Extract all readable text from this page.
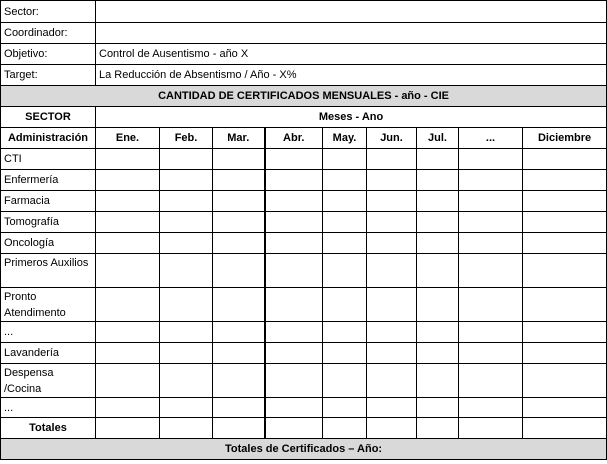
Sector:									
Coordinador:									
Objetivo:	Control de Ausentismo - año X								
Target:	La Reducción de Absentismo / Año - X%								
CANTIDAD DE CERTIFICADOS MENSUALES - año - CIE									
SECTOR	Meses - Ano								
Administración	Ene.	Feb.	Mar.	Abr.	May.	Jun.	Jul.	...	Diciembre
CTI									
Enfermería									
Farmacia									
Tomografía									
Oncología									
Primeros Auxilios									
Pronto Atendimento									
...									
Lavandería									
Despensa /Cocina									
...									
Totales									
Totales de Certificados – Año:									
